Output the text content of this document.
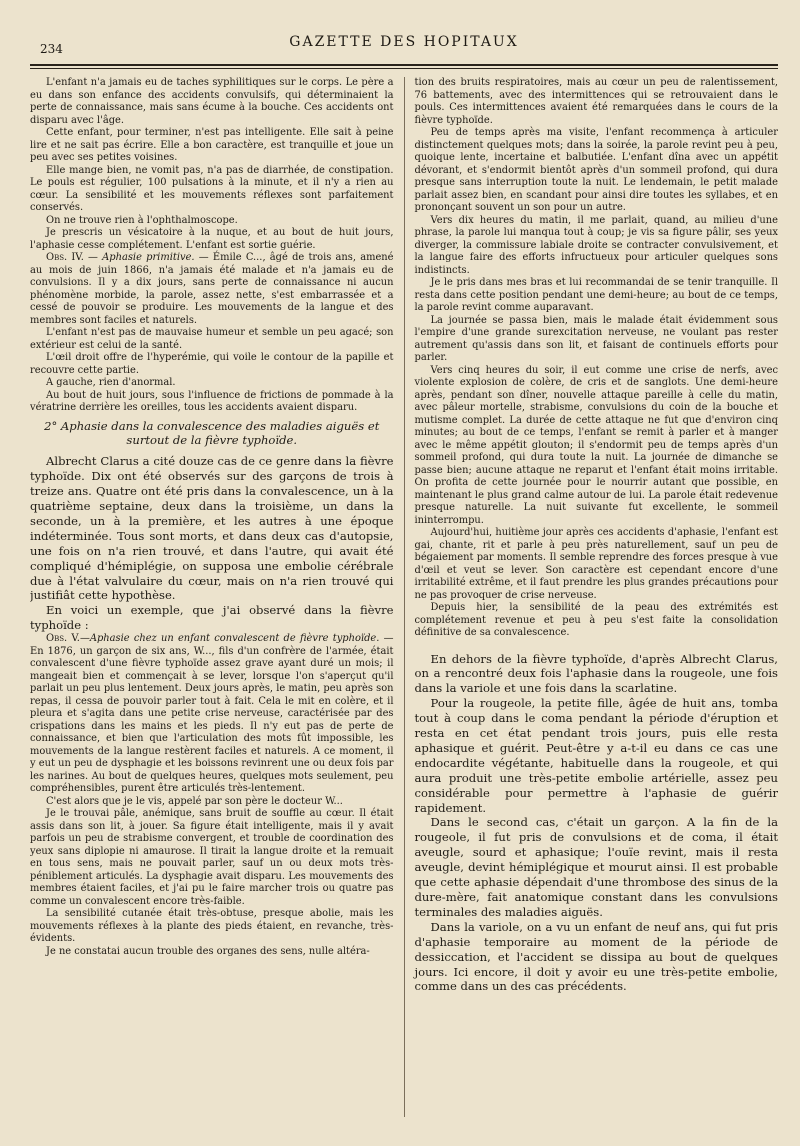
234	GAZETTE DES HOPITAUX

L'enfant n'a jamais eu de taches syphilitiques sur le corps. Le père a eu dans son enfance des accidents convulsifs, qui déterminaient la perte de connaissance, mais sans écume à la bouche. Ces accidents ont disparu avec l'âge.

Cette enfant, pour terminer, n'est pas intelligente. Elle sait à peine lire et ne sait pas écrire. Elle a bon caractère, est tranquille et joue un peu avec ses petites voisines.

Elle mange bien, ne vomit pas, n'a pas de diarrhée, de constipation. Le pouls est régulier, 100 pulsations à la minute, et il n'y a rien au cœur. La sensibilité et les mouvements réflexes sont parfaitement conservés.

On ne trouve rien à l'ophthalmoscope.

Je prescris un vésicatoire à la nuque, et au bout de huit jours, l'aphasie cesse complétement. L'enfant est sortie guérie.

Obs. IV. — Aphasie primitive. — Émile C..., âgé de trois ans, amené au mois de juin 1866, n'a jamais été malade et n'a jamais eu de convulsions. Il y a dix jours, sans perte de connaissance ni aucun phénomène morbide, la parole, assez nette, s'est embarrassée et a cessé de pouvoir se produire. Les mouvements de la langue et des membres sont faciles et naturels.

L'enfant n'est pas de mauvaise humeur et semble un peu agacé; son extérieur est celui de la santé.

L'œil droit offre de l'hyperémie, qui voile le contour de la papille et recouvre cette partie.

A gauche, rien d'anormal.

Au bout de huit jours, sous l'influence de frictions de pommade à la vératrine derrière les oreilles, tous les accidents avaient disparu.

2° Aphasie dans la convalescence des maladies aiguës et surtout de la fièvre typhoïde.

Albrecht Clarus a cité douze cas de ce genre dans la fièvre typhoïde. Dix ont été observés sur des garçons de trois à treize ans. Quatre ont été pris dans la convalescence, un à la quatrième septaine, deux dans la troisième, un dans la seconde, un à la première, et les autres à une époque indéterminée. Tous sont morts, et dans deux cas d'autopsie, une fois on n'a rien trouvé, et dans l'autre, qui avait été compliqué d'hémiplégie, on supposa une embolie cérébrale due à l'état valvulaire du cœur, mais on n'a rien trouvé qui justifiât cette hypothèse.

En voici un exemple, que j'ai observé dans la fièvre typhoïde :

Obs. V.—Aphasie chez un enfant convalescent de fièvre typhoïde. — En 1876, un garçon de six ans, W..., fils d'un confrère de l'armée, était convalescent d'une fièvre typhoïde assez grave ayant duré un mois; il mangeait bien et commençait à se lever, lorsque l'on s'aperçut qu'il parlait un peu plus lentement. Deux jours après, le matin, peu après son repas, il cessa de pouvoir parler tout à fait. Cela le mit en colère, et il pleura et s'agita dans une petite crise nerveuse, caractérisée par des crispations dans les mains et les pieds. Il n'y eut pas de perte de connaissance, et bien que l'articulation des mots fût impossible, les mouvements de la langue restèrent faciles et naturels. A ce moment, il y eut un peu de dysphagie et les boissons revinrent une ou deux fois par les narines. Au bout de quelques heures, quelques mots seulement, peu compréhensibles, purent être articulés très-lentement.

C'est alors que je le vis, appelé par son père le docteur W...

Je le trouvai pâle, anémique, sans bruit de souffle au cœur. Il était assis dans son lit, à jouer. Sa figure était intelligente, mais il y avait parfois un peu de strabisme convergent, et trouble de coordination des yeux sans diplopie ni amaurose. Il tirait la langue droite et la remuait en tous sens, mais ne pouvait parler, sauf un ou deux mots très-péniblement articulés. La dysphagie avait disparu. Les mouvements des membres étaient faciles, et j'ai pu le faire marcher trois ou quatre pas comme un convalescent encore très-faible.

La sensibilité cutanée était très-obtuse, presque abolie, mais les mouvements réflexes à la plante des pieds étaient, en revanche, très-évidents.

Je ne constatai aucun trouble des organes des sens, nulle altéra-

tion des bruits respiratoires, mais au cœur un peu de ralentissement, 76 battements, avec des intermittences qui se retrouvaient dans le pouls. Ces intermittences avaient été remarquées dans le cours de la fièvre typhoïde.

Peu de temps après ma visite, l'enfant recommença à articuler distinctement quelques mots; dans la soirée, la parole revint peu à peu, quoique lente, incertaine et balbutiée. L'enfant dîna avec un appétit dévorant, et s'endormit bientôt après d'un sommeil profond, qui dura presque sans interruption toute la nuit. Le lendemain, le petit malade parlait assez bien, en scandant pour ainsi dire toutes les syllabes, et en prononçant souvent un son pour un autre.

Vers dix heures du matin, il me parlait, quand, au milieu d'une phrase, la parole lui manqua tout à coup; je vis sa figure pâlir, ses yeux diverger, la commissure labiale droite se contracter convulsivement, et la langue faire des efforts infructueux pour articuler quelques sons indistincts.

Je le pris dans mes bras et lui recommandai de se tenir tranquille. Il resta dans cette position pendant une demi-heure; au bout de ce temps, la parole revint comme auparavant.

La journée se passa bien, mais le malade était évidemment sous l'empire d'une grande surexcitation nerveuse, ne voulant pas rester autrement qu'assis dans son lit, et faisant de continuels efforts pour parler.

Vers cinq heures du soir, il eut comme une crise de nerfs, avec violente explosion de colère, de cris et de sanglots. Une demi-heure après, pendant son dîner, nouvelle attaque pareille à celle du matin, avec pâleur mortelle, strabisme, convulsions du coin de la bouche et mutisme complet. La durée de cette attaque ne fut que d'environ cinq minutes; au bout de ce temps, l'enfant se remit à parler et à manger avec le même appétit glouton; il s'endormit peu de temps après d'un sommeil profond, qui dura toute la nuit. La journée de dimanche se passe bien; aucune attaque ne reparut et l'enfant était moins irritable. On profita de cette journée pour le nourrir autant que possible, en maintenant le plus grand calme autour de lui. La parole était redevenue presque naturelle. La nuit suivante fut excellente, le sommeil ininterrompu.

Aujourd'hui, huitième jour après ces accidents d'aphasie, l'enfant est gai, chante, rit et parle à peu près naturellement, sauf un peu de bégaiement par moments. Il semble reprendre des forces presque à vue d'œil et veut se lever. Son caractère est cependant encore d'une irritabilité extrême, et il faut prendre les plus grandes précautions pour ne pas provoquer de crise nerveuse.

Depuis hier, la sensibilité de la peau des extrémités est complétement revenue et peu à peu s'est faite la consolidation définitive de sa convalescence.

En dehors de la fièvre typhoïde, d'après Albrecht Clarus, on a rencontré deux fois l'aphasie dans la rougeole, une fois dans la variole et une fois dans la scarlatine.

Pour la rougeole, la petite fille, âgée de huit ans, tomba tout à coup dans le coma pendant la période d'éruption et resta en cet état pendant trois jours, puis elle resta aphasique et guérit. Peut-être y a-t-il eu dans ce cas une endocardite végétante, habituelle dans la rougeole, et qui aura produit une très-petite embolie artérielle, assez peu considérable pour permettre à l'aphasie de guérir rapidement.

Dans le second cas, c'était un garçon. A la fin de la rougeole, il fut pris de convulsions et de coma, il était aveugle, sourd et aphasique; l'ouïe revint, mais il resta aveugle, devint hémiplégique et mourut ainsi. Il est probable que cette aphasie dépendait d'une thrombose des sinus de la dure-mère, fait anatomique constant dans les convulsions terminales des maladies aiguës.

Dans la variole, on a vu un enfant de neuf ans, qui fut pris d'aphasie temporaire au moment de la période de dessiccation, et l'accident se dissipa au bout de quelques jours. Ici encore, il doit y avoir eu une très-petite embolie, comme dans un des cas précédents.
